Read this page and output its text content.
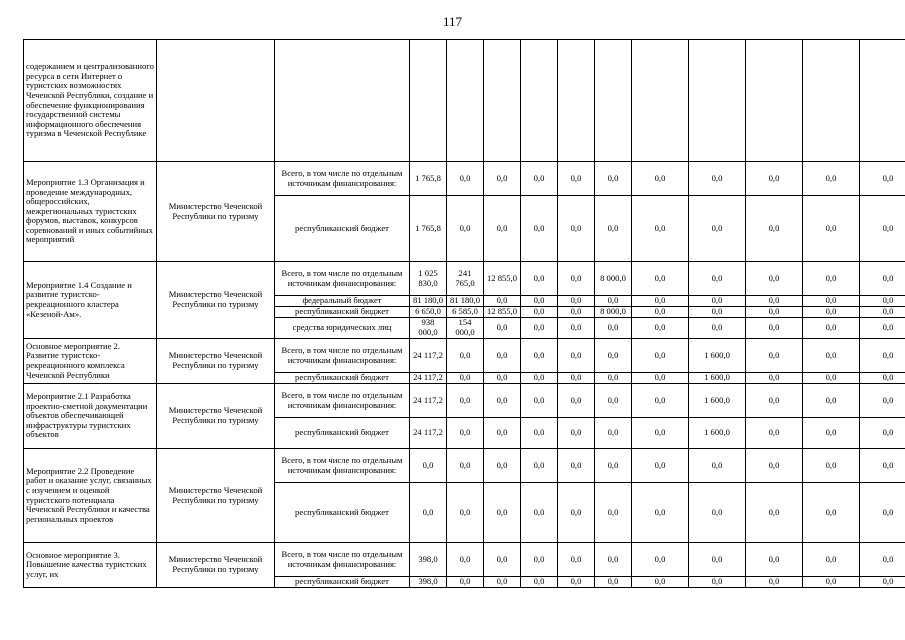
117
содержанием и централизованного ресурса в сети Интернет о туристских возможностях Чеченской Республики, создание и обеспечение функционирования государственной системы информационного обеспечения туризма в Чеченской Республике													
Мероприятие 1.3 Организация и проведение международных, общероссийских, межрегиональных туристских форумов, выставок, конкурсов соревнований и иных событийных мероприятий	Министерство Чеченской Республики по туризму	Всего, в том числе по отдельным источникам финансирования:	1 765,8	0,0	0,0	0,0	0,0	0,0	0,0	0,0	0,0	0,0	0,0
		республиканский бюджет	1 765,8	0,0	0,0	0,0	0,0	0,0	0,0	0,0	0,0	0,0	0,0
Мероприятие 1.4 Создание и развитие туристско-рекреационного кластера «Кезеной-Ам».	Министерство Чеченской Республики по туризму	Всего, в том числе по отдельным источникам финансирования:	1 025 830,0	241 765,0	12 855,0	0,0	0,0	8 000,0	0,0	0,0	0,0	0,0	0,0
		федеральный бюджет	81 180,0	81 180,0	0,0	0,0	0,0	0,0	0,0	0,0	0,0	0,0	0,0
		республиканский бюджет	6 650,0	6 585,0	12 855,0	0,0	0,0	8 000,0	0,0	0,0	0,0	0,0	0,0
		средства юридических лиц	938 000,0	154 000,0	0,0	0,0	0,0	0,0	0,0	0,0	0,0	0,0	0,0
Основное мероприятие 2. Развитие туристско-рекреационного комплекса Чеченской Республики	Министерство Чеченской Республики по туризму	Всего, в том числе по отдельным источникам финансирования:	24 117,2	0,0	0,0	0,0	0,0	0,0	0,0	1 600,0	0,0	0,0	0,0
		республиканский бюджет	24 117,2	0,0	0,0	0,0	0,0	0,0	0,0	1 600,0	0,0	0,0	0,0
Мероприятие 2.1 Разработка проектно-сметной документации объектов обеспечивающей инфраструктуры туристских объектов	Министерство Чеченской Республики по туризму	Всего, в том числе по отдельным источникам финансирования:	24 117,2	0,0	0,0	0,0	0,0	0,0	0,0	1 600,0	0,0	0,0	0,0
		республиканский бюджет	24 117,2	0,0	0,0	0,0	0,0	0,0	0,0	1 600,0	0,0	0,0	0,0
Мероприятие 2.2 Проведение работ и оказание услуг, связанных с изучением и оценкой туристского потенциала Чеченской Республики и качества региональных проектов	Министерство Чеченской Республики по туризму	Всего, в том числе по отдельным источникам финансирования:	0,0	0,0	0,0	0,0	0,0	0,0	0,0	0,0	0,0	0,0	0,0
		республиканский бюджет	0,0	0,0	0,0	0,0	0,0	0,0	0,0	0,0	0,0	0,0	0,0
Основное мероприятие 3. Повышение качества туристских услуг, их	Министерство Чеченской Республики по туризму	Всего, в том числе по отдельным источникам финансирования:	398,0	0,0	0,0	0,0	0,0	0,0	0,0	0,0	0,0	0,0	0,0
		республиканский бюджет	398,0	0,0	0,0	0,0	0,0	0,0	0,0	0,0	0,0	0,0	0,0
